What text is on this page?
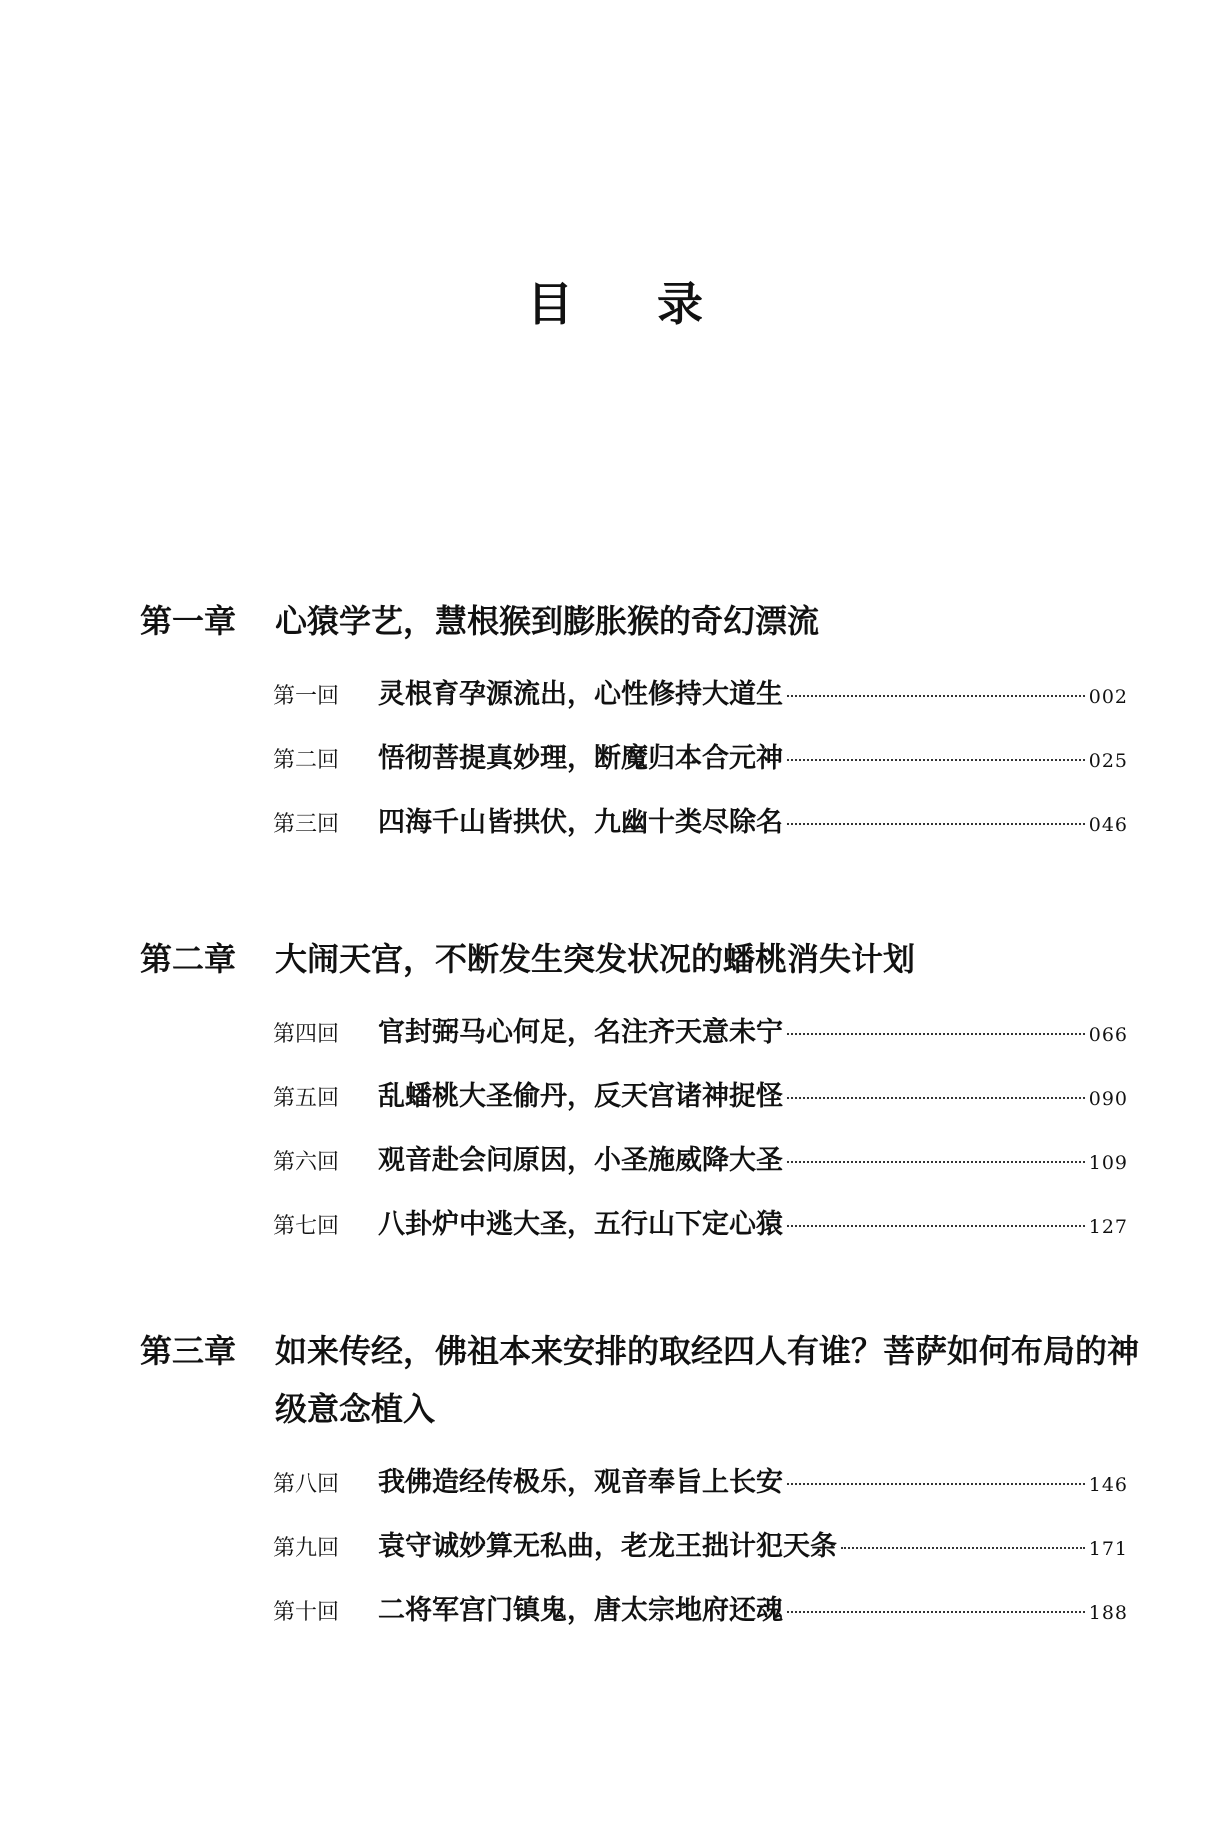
目 录
第一章	心猿学艺，慧根猴到膨胀猴的奇幻漂流
第一回	灵根育孕源流出，心性修持大道生	002
第二回	悟彻菩提真妙理，断魔归本合元神	025
第三回	四海千山皆拱伏，九幽十类尽除名	046
第二章	大闹天宫，不断发生突发状况的蟠桃消失计划
第四回	官封弼马心何足，名注齐天意未宁	066
第五回	乱蟠桃大圣偷丹，反天宫诸神捉怪	090
第六回	观音赴会问原因，小圣施威降大圣	109
第七回	八卦炉中逃大圣，五行山下定心猿	127
第三章	如来传经，佛祖本来安排的取经四人有谁？菩萨如何布局的神级意念植入
第八回	我佛造经传极乐，观音奉旨上长安	146
第九回	袁守诚妙算无私曲，老龙王拙计犯天条	171
第十回	二将军宫门镇鬼，唐太宗地府还魂	188
